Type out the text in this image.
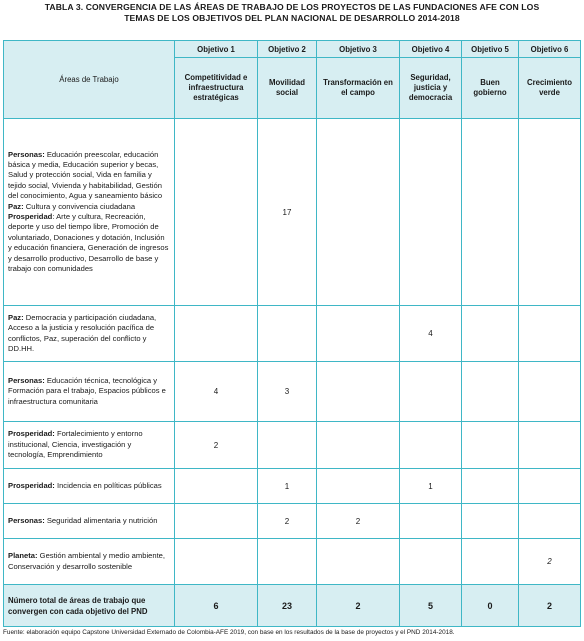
TABLA 3. CONVERGENCIA DE LAS ÁREAS DE TRABAJO DE LOS PROYECTOS DE LAS FUNDACIONES AFE CON LOS
TEMAS DE LOS OBJETIVOS DEL PLAN NACIONAL DE DESARROLLO 2014-2018
Áreas de Trabajo	Objetivo 1	Objetivo 2	Objetivo 3	Objetivo 4	Objetivo 5	Objetivo 6
	Competitividad e infraestructura estratégicas	Movilidad social	Transformación en el campo	Seguridad, justicia y democracia	Buen gobierno	Crecimiento verde

Personas: Educación preescolar, educación básica y media, Educación superior y becas, Salud y protección social, Vida en familia y tejido social, Vivienda y habitabilidad, Gestión del conocimiento, Agua y saneamiento básico

Paz: Cultura y convivencia ciudadana

Prosperidad: Arte y cultura, Recreación, deporte y uso del tiempo libre, Promoción de voluntariado, Donaciones y dotación, Inclusión y educación financiera, Generación de ingresos y desarrollo productivo, Desarrollo de base y trabajo con comunidades		17				

Paz: Democracia y participación ciudadana, Acceso a la justicia y resolución pacífica de conflictos, Paz, superación del conflicto y DD.HH.				4		

Personas: Educación técnica, tecnológica y Formación para el trabajo, Espacios públicos e infraestructura comunitaria	4	3				

Prosperidad: Fortalecimiento y entorno institucional, Ciencia, investigación y tecnología, Emprendimiento	2					

Prosperidad: Incidencia en políticas públicas		1		1		

Personas: Seguridad alimentaria y nutrición		2	2			

Planeta: Gestión ambiental y medio ambiente, Conservación y desarrollo sostenible						2
Número total de áreas de trabajo que convergen con cada objetivo del PND	6	23	2	5	0	2
Fuente: elaboración equipo Capstone Universidad Externado de Colombia-AFE 2019, con base en los resultados de la base de proyectos y el PND 2014-2018.
